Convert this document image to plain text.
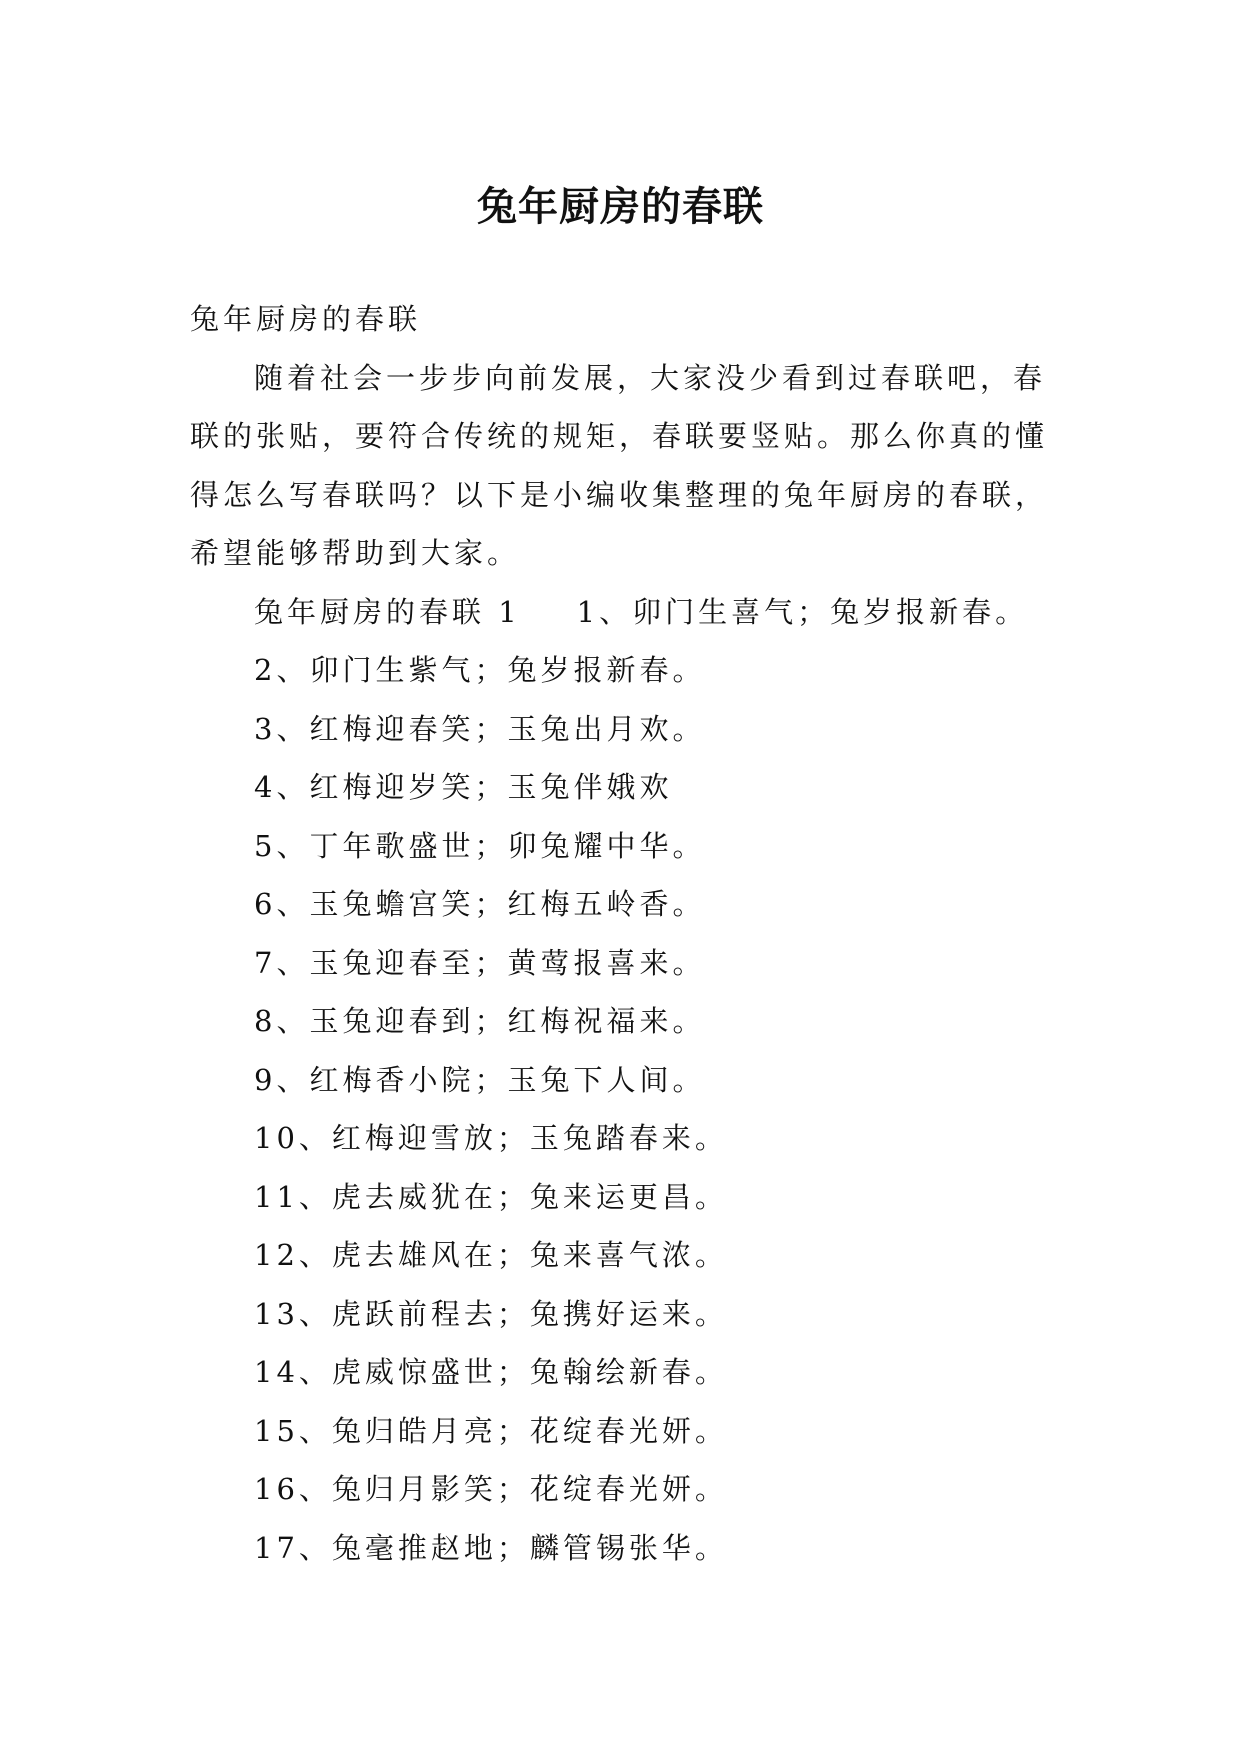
兔年厨房的春联

兔年厨房的春联

随着社会一步步向前发展，大家没少看到过春联吧，春联的张贴，要符合传统的规矩，春联要竖贴。那么你真的懂得怎么写春联吗？以下是小编收集整理的兔年厨房的春联，希望能够帮助到大家。

兔年厨房的春联 1 1、卯门生喜气；兔岁报新春。

2、卯门生紫气；兔岁报新春。
3、红梅迎春笑；玉兔出月欢。
4、红梅迎岁笑；玉兔伴娥欢
5、丁年歌盛世；卯兔耀中华。
6、玉兔蟾宫笑；红梅五岭香。
7、玉兔迎春至；黄莺报喜来。
8、玉兔迎春到；红梅祝福来。
9、红梅香小院；玉兔下人间。
10、红梅迎雪放；玉兔踏春来。
11、虎去威犹在；兔来运更昌。
12、虎去雄风在；兔来喜气浓。
13、虎跃前程去；兔携好运来。
14、虎威惊盛世；兔翰绘新春。
15、兔归皓月亮；花绽春光妍。
16、兔归月影笑；花绽春光妍。
17、兔毫推赵地；麟管锡张华。
